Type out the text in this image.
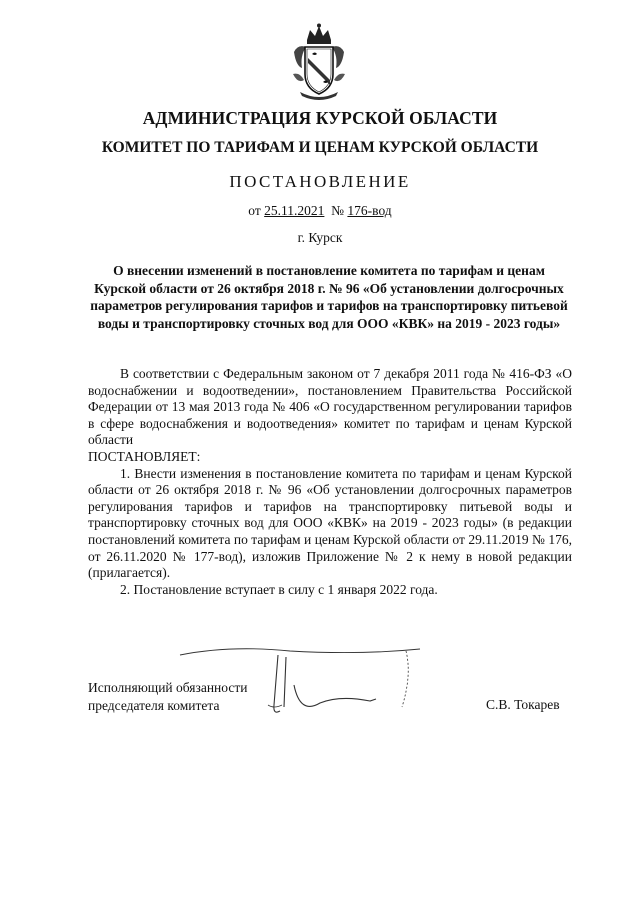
АДМИНИСТРАЦИЯ КУРСКОЙ ОБЛАСТИ
КОМИТЕТ ПО ТАРИФАМ И ЦЕНАМ КУРСКОЙ ОБЛАСТИ
ПОСТАНОВЛЕНИЕ
от 25.11.2021 № 176-вод
г. Курск
О внесении изменений в постановление комитета по тарифам и ценам Курской области от 26 октября 2018 г. № 96 «Об установлении долгосрочных параметров регулирования тарифов и тарифов на транспортировку питьевой воды и транспортировку сточных вод для ООО «КВК» на 2019 - 2023 годы»

В соответствии с Федеральным законом от 7 декабря 2011 года № 416-ФЗ «О водоснабжении и водоотведении», постановлением Правительства Российской Федерации от 13 мая 2013 года № 406 «О государственном регулировании тарифов в сфере водоснабжения и водоотведения» комитет по тарифам и ценам Курской области

ПОСТАНОВЛЯЕТ:

1. Внести изменения в постановление комитета по тарифам и ценам Курской области от 26 октября 2018 г. № 96 «Об установлении долгосрочных параметров регулирования тарифов и тарифов на транспортировку питьевой воды и транспортировку сточных вод для ООО «КВК» на 2019 - 2023 годы» (в редакции постановлений комитета по тарифам и ценам Курской области от 29.11.2019 № 176, от 26.11.2020 № 177-вод), изложив Приложение № 2 к нему в новой редакции (прилагается).

2. Постановление вступает в силу с 1 января 2022 года.

Исполняющий обязанности
председателя комитета	С.В. Токарев
